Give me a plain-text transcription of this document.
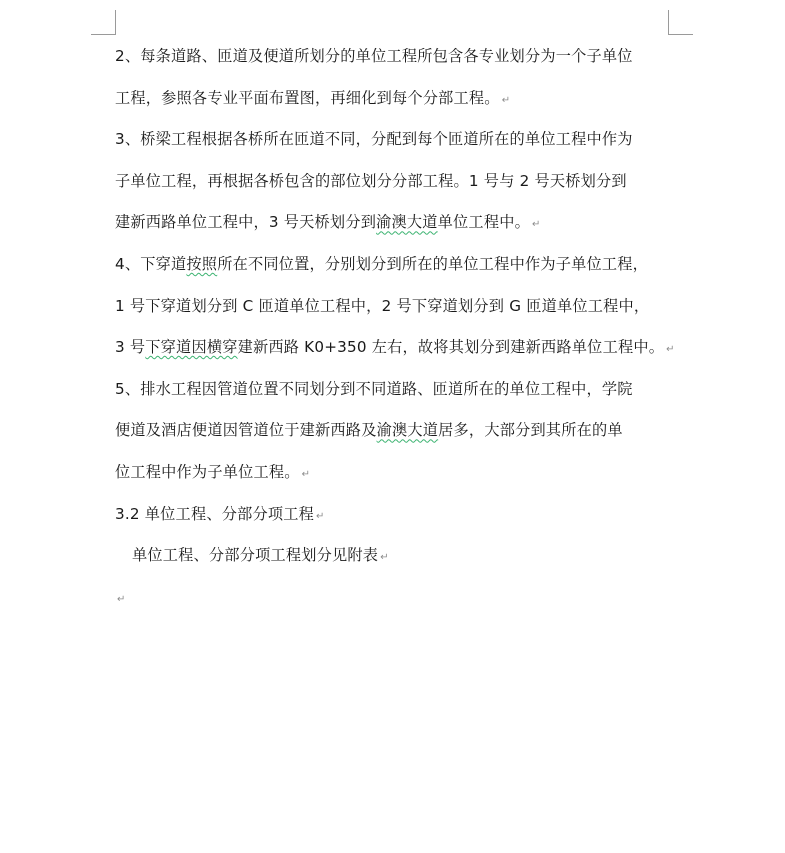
2、每条道路、匝道及便道所划分的单位工程所包含各专业划分为一个子单位
工程，参照各专业平面布置图，再细化到每个分部工程。 ↵
3、桥梁工程根据各桥所在匝道不同，分配到每个匝道所在的单位工程中作为
子单位工程，再根据各桥包含的部位划分分部工程。1 号与 2 号天桥划分到
建新西路单位工程中，3 号天桥划分到渝澳大道单位工程中。 ↵
4、下穿道按照所在不同位置，分别划分到所在的单位工程中作为子单位工程，
1 号下穿道划分到 C 匝道单位工程中，2 号下穿道划分到 G 匝道单位工程中，
3 号下穿道因横穿建新西路 K0+350 左右，故将其划分到建新西路单位工程中。 ↵
5、排水工程因管道位置不同划分到不同道路、匝道所在的单位工程中，学院
便道及酒店便道因管道位于建新西路及渝澳大道居多，大部分到其所在的单
位工程中作为子单位工程。 ↵
3.2 单位工程、分部分项工程 ↵
单位工程、分部分项工程划分见附表 ↵
↵
